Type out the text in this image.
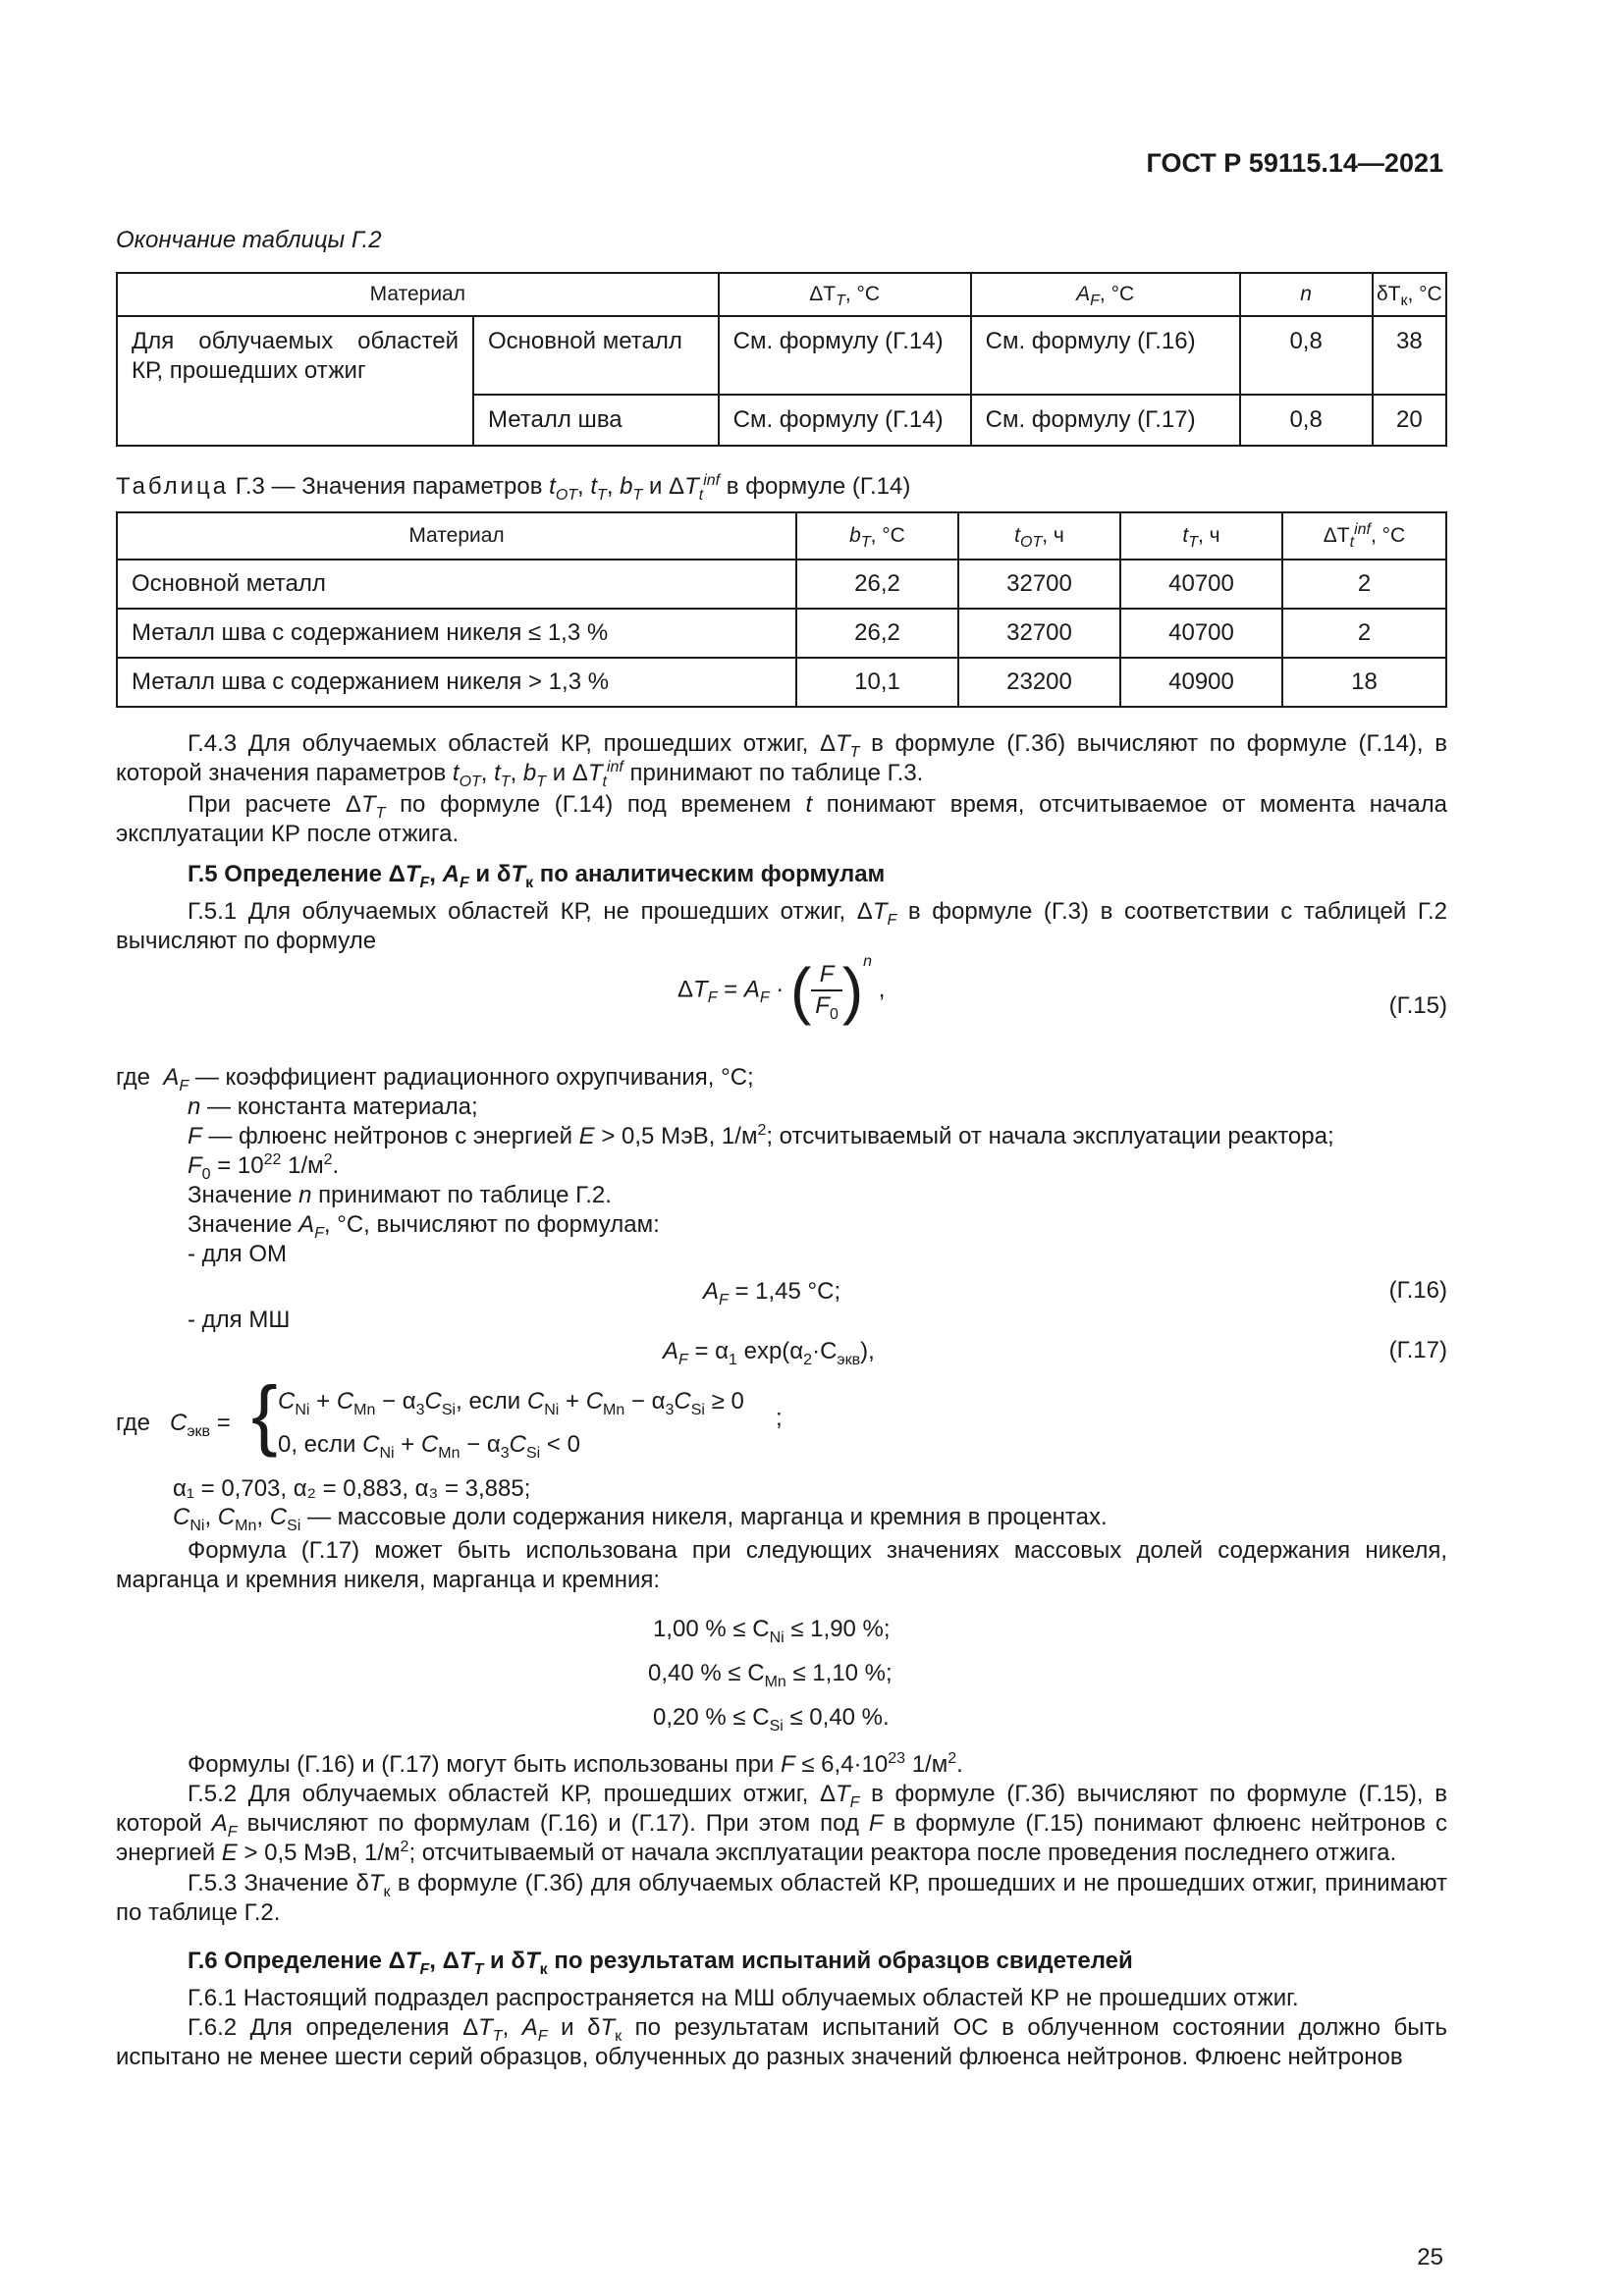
ГОСТ Р 59115.14—2021
Окончание таблицы Г.2
Материал		$\Delta T_T$, °С	$A_F$, °С	n	$\delta T_к$, °С
Для облучаемых областей КР, прошедших отжиг	Основной металл	См. формулу (Г.14)	См. формулу (Г.16)	0,8	38
	Металл шва	См. формулу (Г.14)	См. формулу (Г.17)	0,8	20
Таблица Г.3 — Значения параметров $t_{OT}$, $t_T$, $b_T$ и $\Delta T_t^{inf}$ в формуле (Г.14)
Материал	$b_T$, °С	$t_{OT}$, ч	$t_T$, ч	$\Delta T_t^{inf}$, °С
Основной металл	26,2	32700	40700	2
Металл шва с содержанием никеля ≤ 1,3 %	26,2	32700	40700	2
Металл шва с содержанием никеля > 1,3 %	10,1	23200	40900	18
Г.4.3 Для облучаемых областей КР, прошедших отжиг, $\Delta T_T$ в формуле (Г.3б) вычисляют по формуле (Г.14), в которой значения параметров $t_{OT}$, $t_T$, $b_T$ и $\Delta T_t^{inf}$ принимают по таблице Г.3.
При расчете $\Delta T_T$ по формуле (Г.14) под временем t понимают время, отсчитываемое от момента начала эксплуатации КР после отжига.
Г.5 Определение $\Delta T_F$, $A_F$ и $\delta T_к$ по аналитическим формулам
Г.5.1 Для облучаемых областей КР, не прошедших отжиг, $\Delta T_F$ в формуле (Г.3) в соответствии с таблицей Г.2 вычисляют по формуле
$\Delta T_F = A_F$ · ( $\frac{F}{F_0} )^n$ ,
(Г.15)
где $A_F$ — коэффициент радиационного охрупчивания, °С;
n — константа материала;
F — флюенс нейтронов с энергией E > 0,5 МэВ, $1/м^2$; отсчитываемый от начала эксплуатации реактора;
$F_0 = 10^{22}$ $1/м^2$.
Значение n принимают по таблице Г.2.
Значение $A_F$, °С, вычисляют по формулам:
- для ОМ
$A_F = 1,45$ °С;	(Г.16)
- для МШ
$A_F = \alpha_1$ $\exp(\alpha_2\cdot C_{экв})$,	(Г.17)
где $C_{экв}$ = { $C_{Ni} + C_{Mn} - \alpha_3C_{Si}$, если $C_{Ni} + C_{Mn} - \alpha_3C_{Si} \ge 0$
;
0, если $C_{Ni} + C_{Mn} - \alpha_3C_{Si} < 0$
α₁ = 0,703, α₂ = 0,883, α₃ = 3,885;
$C_{Ni}$, $C_{Mn}$, $C_{Si}$ — массовые доли содержания никеля, марганца и кремния в процентах.
Формула (Г.17) может быть использована при следующих значениях массовых долей содержания никеля, марганца и кремния никеля, марганца и кремния:
1,00 % ≤ $C_{Ni} \le 1,90$ %;
0,40 % ≤ $C_{Mn} \le 1,10$ %;
0,20 % ≤ $C_{Si} \le 0,40$ %.
Формулы (Г.16) и (Г.17) могут быть использованы при $F \le 6,4\cdot 10^{23}$ $1/м^2$.
Г.5.2 Для облучаемых областей КР, прошедших отжиг, $\Delta T_F$ в формуле (Г.3б) вычисляют по формуле (Г.15), в которой $A_F$ вычисляют по формулам (Г.16) и (Г.17). При этом под F в формуле (Г.15) понимают флюенс нейтронов с энергией E > 0,5 МэВ, $1/м^2$; отсчитываемый от начала эксплуатации реактора после проведения последнего отжига.
Г.5.3 Значение $\delta T_к$ в формуле (Г.3б) для облучаемых областей КР, прошедших и не прошедших отжиг, принимают по таблице Г.2.
Г.6 Определение $\Delta T_F$, $\Delta T_T$ и $\delta T_к$ по результатам испытаний образцов свидетелей
Г.6.1 Настоящий подраздел распространяется на МШ облучаемых областей КР не прошедших отжиг.
Г.6.2 Для определения $\Delta T_T$, $A_F$ и $\delta T_к$ по результатам испытаний ОС в облученном состоянии должно быть испытано не менее шести серий образцов, облученных до разных значений флюенса нейтронов. Флюенс нейтронов
25
